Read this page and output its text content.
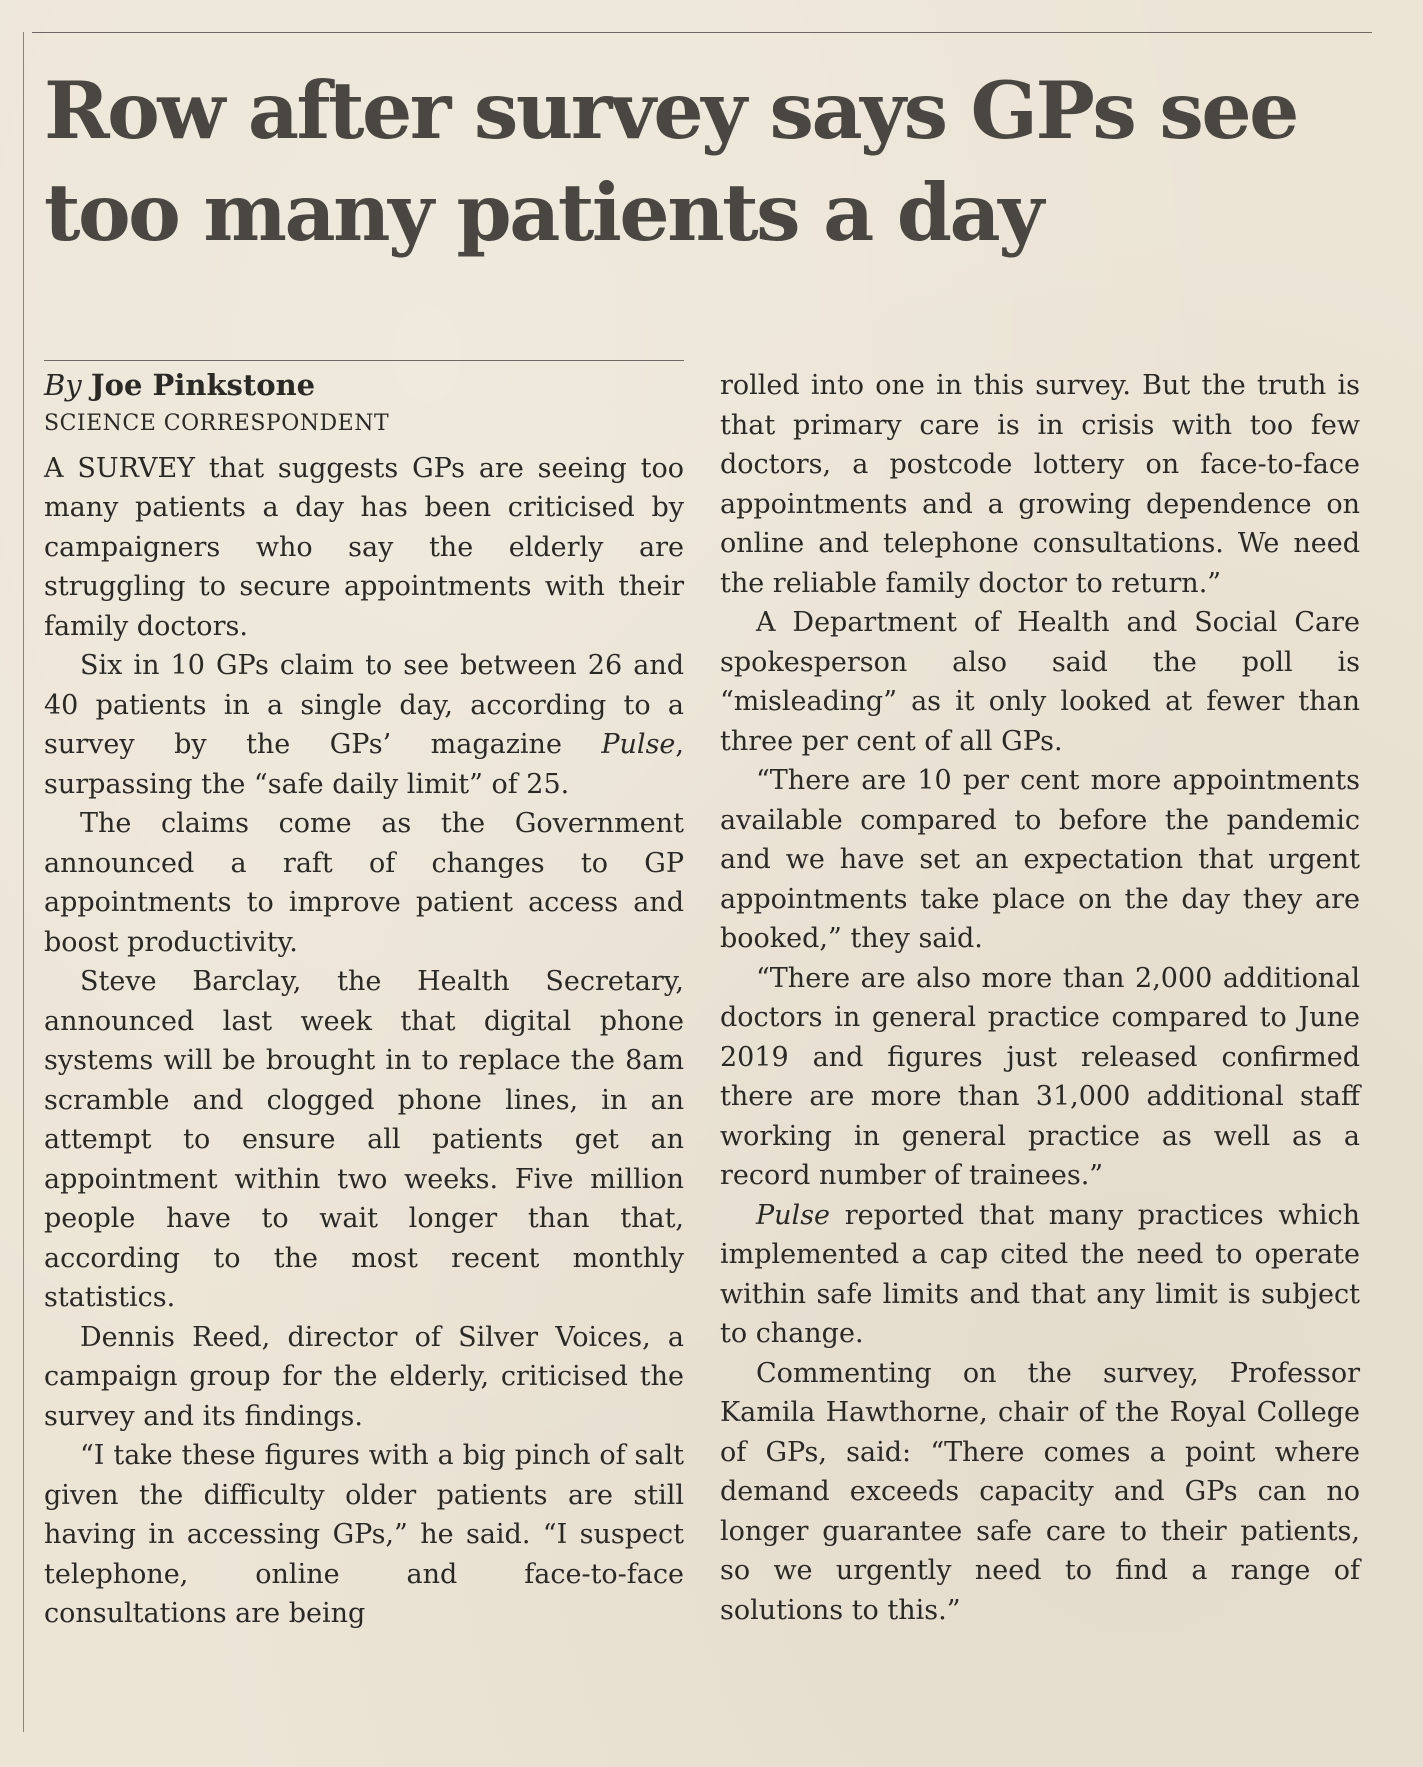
Row after survey says GPs see too many patients a day

By Joe Pinkstone

SCIENCE CORRESPONDENT

A SURVEY that suggests GPs are seeing too many patients a day has been criticised by campaigners who say the elderly are struggling to secure appointments with their family doctors.

Six in 10 GPs claim to see between 26 and 40 patients in a single day, according to a survey by the GPs’ magazine Pulse, surpassing the “safe daily limit” of 25.

The claims come as the Government announced a raft of changes to GP appointments to improve patient access and boost productivity.

Steve Barclay, the Health Secretary, announced last week that digital phone systems will be brought in to replace the 8am scramble and clogged phone lines, in an attempt to ensure all patients get an appointment within two weeks. Five million people have to wait longer than that, according to the most recent monthly statistics.

Dennis Reed, director of Silver Voices, a campaign group for the elderly, criticised the survey and its findings.

“I take these figures with a big pinch of salt given the difficulty older patients are still having in accessing GPs,” he said. “I suspect telephone, online and face-to-face consultations are being

rolled into one in this survey. But the truth is that primary care is in crisis with too few doctors, a postcode lottery on face-to-face appointments and a growing dependence on online and telephone consultations. We need the reliable family doctor to return.”

A Department of Health and Social Care spokesperson also said the poll is “misleading” as it only looked at fewer than three per cent of all GPs.

“There are 10 per cent more appointments available compared to before the pandemic and we have set an expectation that urgent appointments take place on the day they are booked,” they said.

“There are also more than 2,000 additional doctors in general practice compared to June 2019 and figures just released confirmed there are more than 31,000 additional staff working in general practice as well as a record number of trainees.”

Pulse reported that many practices which implemented a cap cited the need to operate within safe limits and that any limit is subject to change.

Commenting on the survey, Professor Kamila Hawthorne, chair of the Royal College of GPs, said: “There comes a point where demand exceeds capacity and GPs can no longer guarantee safe care to their patients, so we urgently need to find a range of solutions to this.”
